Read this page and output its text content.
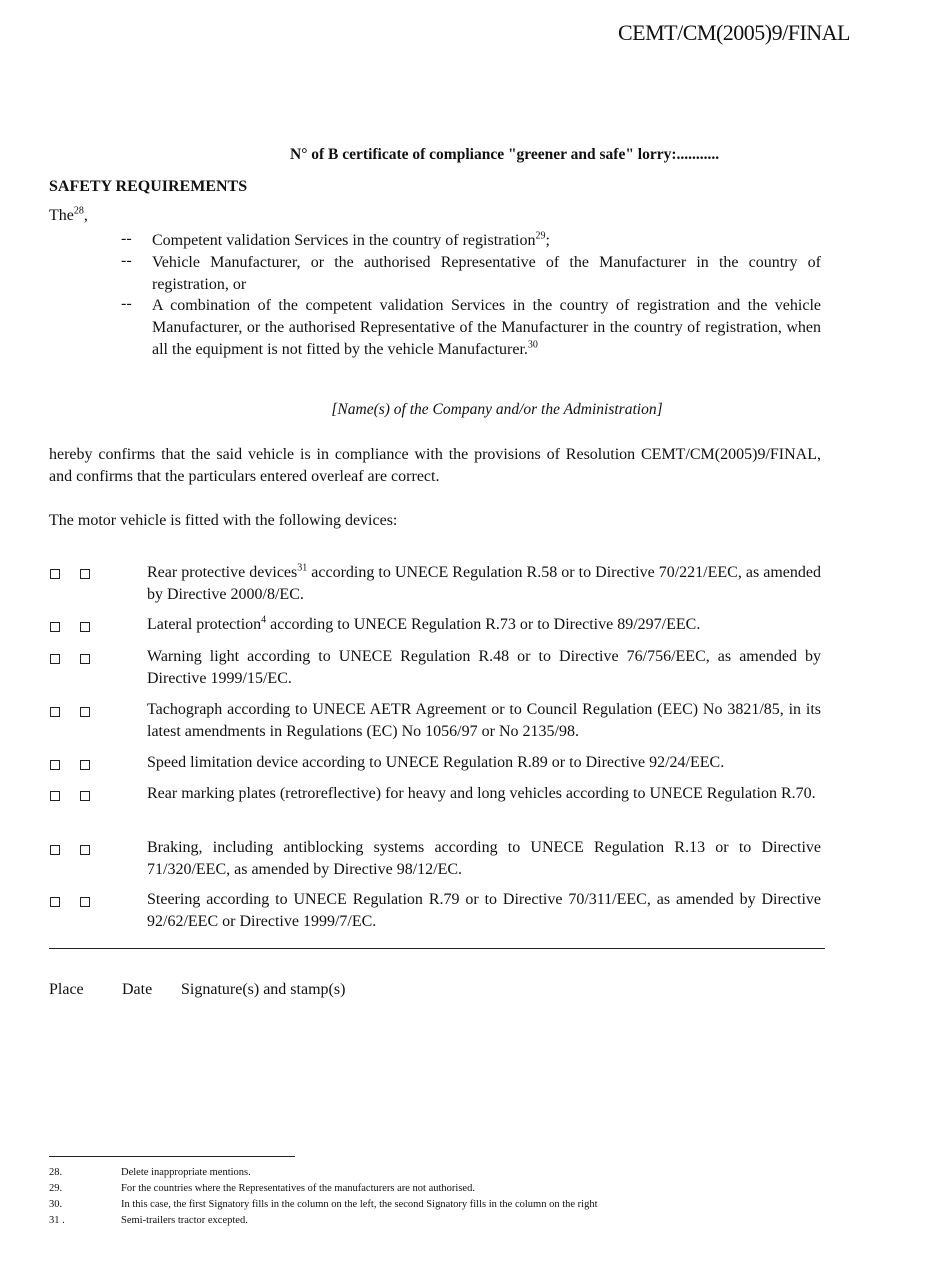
CEMT/CM(2005)9/FINAL
N° of B certificate of compliance "greener and safe" lorry:...........
SAFETY REQUIREMENTS
The$^{28}$,
-- Competent validation Services in the country of registration$^{29}$;
-- Vehicle Manufacturer, or the authorised Representative of the Manufacturer in the country of registration, or
-- A combination of the competent validation Services in the country of registration and the vehicle Manufacturer, or the authorised Representative of the Manufacturer in the country of registration, when all the equipment is not fitted by the vehicle Manufacturer.$^{30}$
[Name(s) of the Company and/or the Administration]
hereby confirms that the said vehicle is in compliance with the provisions of Resolution CEMT/CM(2005)9/FINAL, and confirms that the particulars entered overleaf are correct.
The motor vehicle is fitted with the following devices:
Rear protective devices$^{31}$ according to UNECE Regulation R.58 or to Directive 70/221/EEC, as amended by Directive 2000/8/EC.
Lateral protection$^4$ according to UNECE Regulation R.73 or to Directive 89/297/EEC.
Warning light according to UNECE Regulation R.48 or to Directive 76/756/EEC, as amended by Directive 1999/15/EC.
Tachograph according to UNECE AETR Agreement or to Council Regulation (EEC) No 3821/85, in its latest amendments in Regulations (EC) No 1056/97 or No 2135/98.
Speed limitation device according to UNECE Regulation R.89 or to Directive 92/24/EEC.
Rear marking plates (retroreflective) for heavy and long vehicles according to UNECE Regulation R.70.
Braking, including antiblocking systems according to UNECE Regulation R.13 or to Directive 71/320/EEC, as amended by Directive 98/12/EC.
Steering according to UNECE Regulation R.79 or to Directive 70/311/EEC, as amended by Directive 92/62/EEC or Directive 1999/7/EC.
Place Date Signature(s) and stamp(s)
28.	Delete inappropriate mentions.
29.	For the countries where the Representatives of the manufacturers are not authorised.
30.	In this case, the first Signatory fills in the column on the left, the second Signatory fills in the column on the right
31 .	Semi-trailers tractor excepted.
